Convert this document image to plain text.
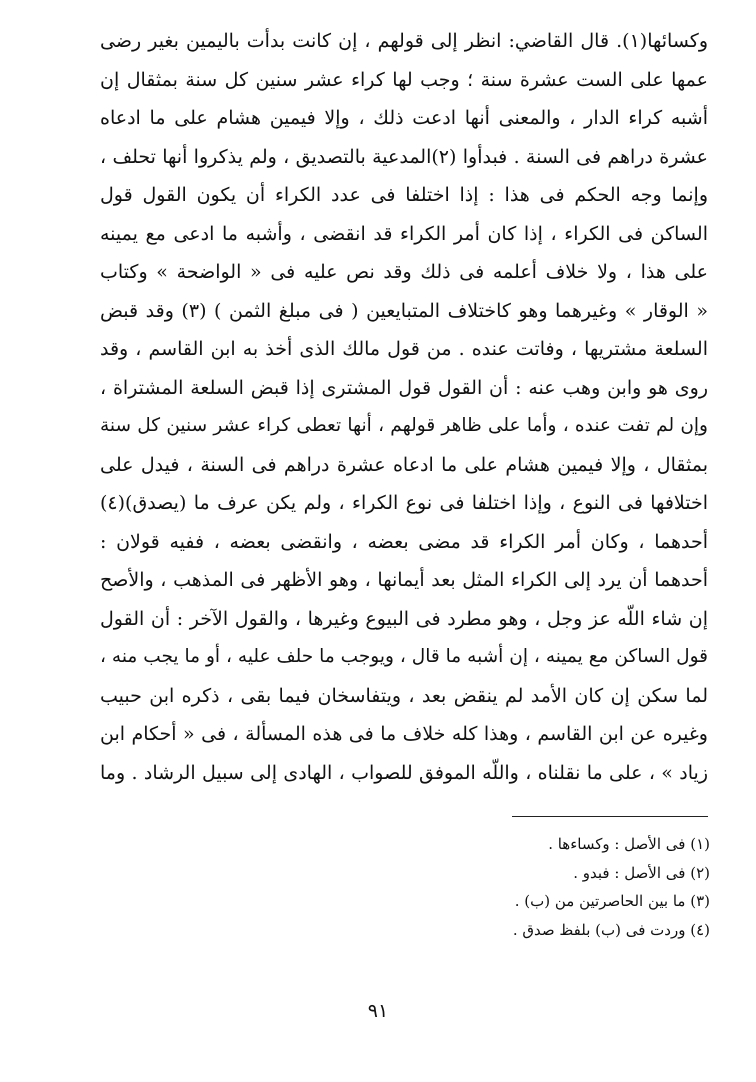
وكسائها(١). قال القاضي: انظر إلى قولهم ، إن كانت بدأت باليمين بغير رضى
عمها على الست عشرة سنة ؛ وجب لها كراء عشر سنين كل سنة بمثقال إن
أشبه كراء الدار ، والمعنى أنها ادعت ذلك ، وإلا فيمين هشام على ما ادعاه
عشرة دراهم فى السنة . فبدأوا (٢)المدعية بالتصديق ، ولم يذكروا أنها تحلف ،
وإنما وجه الحكم فى هذا : إذا اختلفا فى عدد الكراء أن يكون القول قول
الساكن فى الكراء ، إذا كان أمر الكراء قد انقضى ، وأشبه ما ادعى مع يمينه
على هذا ، ولا خلاف أعلمه فى ذلك وقد نص عليه فى « الواضحة » وكتاب
« الوقار » وغيرهما وهو كاختلاف المتبايعين ( فى مبلغ الثمن ) (٣) وقد قبض
السلعة مشتريها ، وفاتت عنده . من قول مالك الذى أخذ به ابن القاسم ، وقد
روى هو وابن وهب عنه : أن القول قول المشترى إذا قبض السلعة المشتراة ،
وإن لم تفت عنده ، وأما على ظاهر قولهم ، أنها تعطى كراء عشر سنين كل سنة
بمثقال ، وإلا فيمين هشام على ما ادعاه عشرة دراهم فى السنة ، فيدل على
اختلافها فى النوع ، وإذا اختلفا فى نوع الكراء ، ولم يكن عرف ما (يصدق)(٤)
أحدهما ، وكان أمر الكراء قد مضى بعضه ، وانقضى بعضه ، ففيه قولان :
أحدهما أن يرد إلى الكراء المثل بعد أيمانها ، وهو الأظهر فى المذهب ، والأصح
إن شاء اللّه عز وجل ، وهو مطرد فى البيوع وغيرها ، والقول الآخر : أن القول
قول الساكن مع يمينه ، إن أشبه ما قال ، ويوجب ما حلف عليه ، أو ما يجب منه ،
لما سكن إن كان الأمد لم ينقض بعد ، ويتفاسخان فيما بقى ، ذكره ابن حبيب
وغيره عن ابن القاسم ، وهذا كله خلاف ما فى هذه المسألة ، فى « أحكام ابن
زياد » ، على ما نقلناه ، واللّه الموفق للصواب ، الهادى إلى سبيل الرشاد . وما
(١) فى الأصل : وكساءها .
(٢) فى الأصل : فبدو .
(٣) ما بين الحاصرتين من (ب) .
(٤) وردت فى (ب) بلفظ صدق .
٩١
